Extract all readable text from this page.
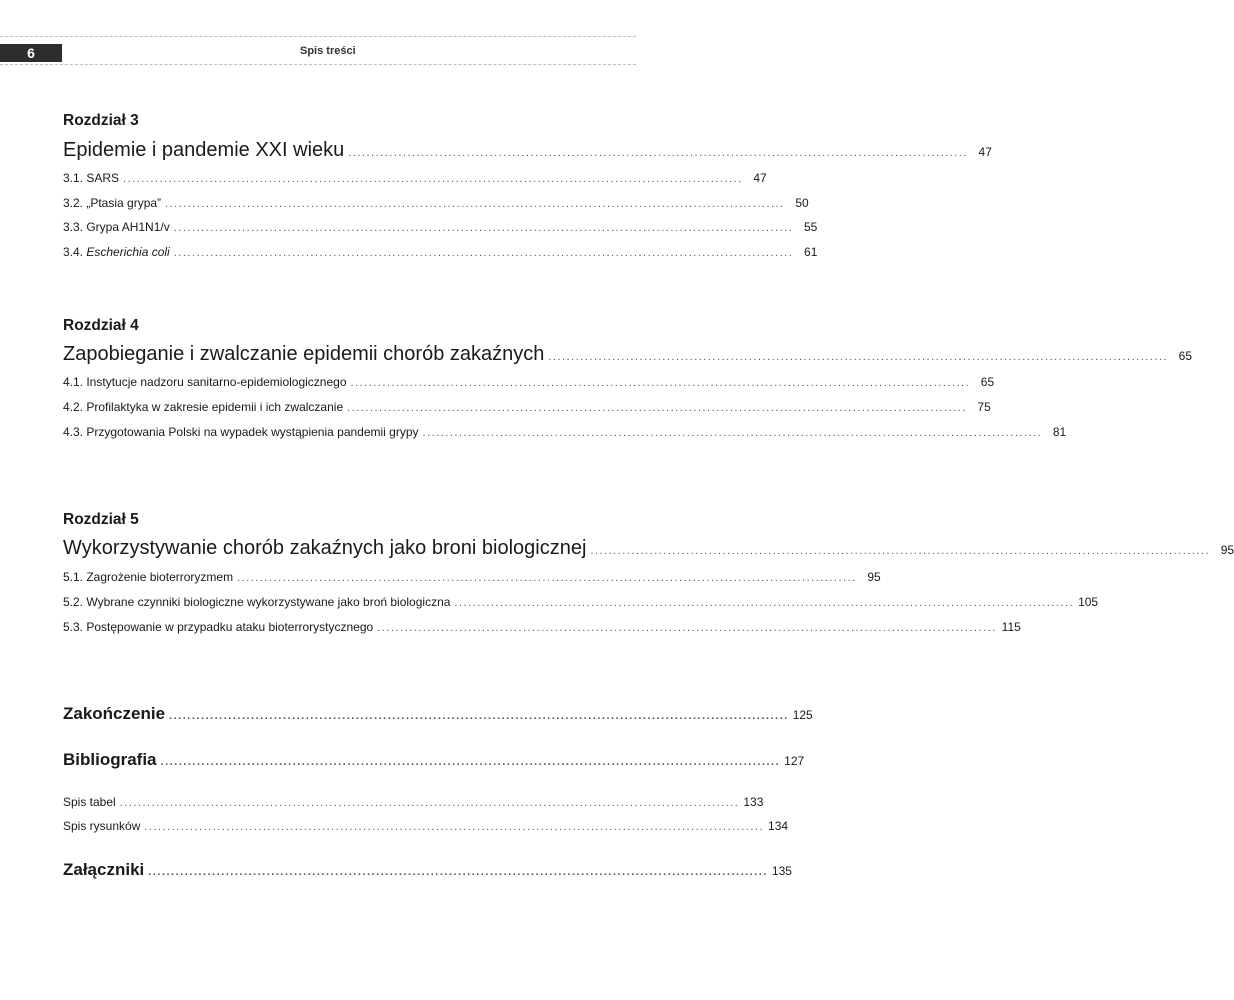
6	Spis treści
Rozdział 3
Epidemie i pandemie XXI wieku ........................................................................................................................................ 47
3.1. SARS ........................................................................................................................................ 47
3.2. „Ptasia grypa” ........................................................................................................................................ 50
3.3. Grypa AH1N1/v ........................................................................................................................................ 55
3.4. Escherichia coli ........................................................................................................................................ 61
Rozdział 4
Zapobieganie i zwalczanie epidemii chorób zakaźnych ........................................................................................................................................ 65
4.1. Instytucje nadzoru sanitarno-epidemiologicznego ........................................................................................................................................ 65
4.2. Profilaktyka w zakresie epidemii i ich zwalczanie ........................................................................................................................................ 75
4.3. Przygotowania Polski na wypadek wystąpienia pandemii grypy ........................................................................................................................................ 81
Rozdział 5
Wykorzystywanie chorób zakaźnych jako broni biologicznej ........................................................................................................................................ 95
5.1. Zagrożenie bioterroryzmem ........................................................................................................................................ 95
5.2. Wybrane czynniki biologiczne wykorzystywane jako broń biologiczna ........................................................................................................................................ 105
5.3. Postępowanie w przypadku ataku bioterrorystycznego ........................................................................................................................................ 115
Zakończenie ........................................................................................................................................ 125
Bibliografia ........................................................................................................................................ 127
Spis tabel ........................................................................................................................................ 133
Spis rysunków ........................................................................................................................................ 134
Załączniki ........................................................................................................................................ 135
